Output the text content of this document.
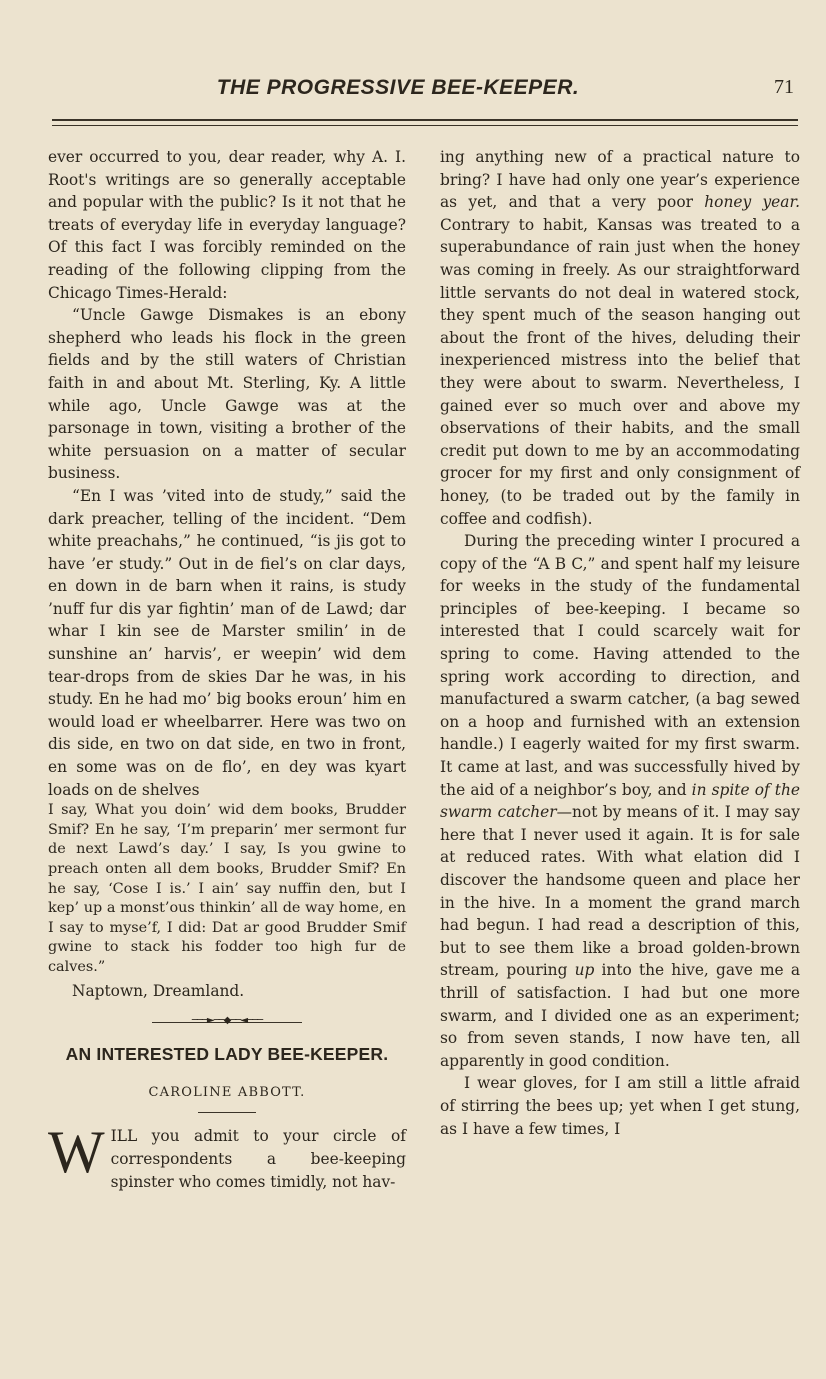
THE PROGRESSIVE BEE-KEEPER.	71

ever occurred to you, dear reader, why A. I. Root's writings are so generally acceptable and popular with the public? Is it not that he treats of everyday life in everyday language? Of this fact I was forcibly reminded on the reading of the following clipping from the Chicago Times-Herald:

“Uncle Gawge Dismakes is an ebony shepherd who leads his flock in the green fields and by the still waters of Christian faith in and about Mt. Sterling, Ky. A little while ago, Uncle Gawge was at the parsonage in town, visiting a brother of the white persuasion on a matter of secular business.

“En I was ’vited into de study,” said the dark preacher, telling of the incident. “Dem white preachahs,” he continued, “is jis got to have ’er study.” Out in de fiel’s on clar days, en down in de barn when it rains, is study ’nuff fur dis yar fightin’ man of de Lawd; dar whar I kin see de Marster smilin’ in de sunshine an’ harvis’, er weepin’ wid dem tear-drops from de skies Dar he was, in his study. En he had mo’ big books eroun’ him en would load er wheelbarrer. Here was two on dis side, en two on dat side, en two in front, en some was on de flo’, en dey was kyart loads on de shelves

I say, What you doin’ wid dem books, Brudder Smif? En he say, ‘I’m preparin’ mer sermont fur de next Lawd’s day.’ I say, Is you gwine to preach onten all dem books, Brudder Smif? En he say, ‘Cose I is.’ I ain’ say nuffin den, but I kep’ up a monst’ous thinkin’ all de way home, en I say to myse’f, I did: Dat ar good Brudder Smif gwine to stack his fodder too high fur de calves.”

Naptown, Dreamland.

───►──◆──◄───
AN INTERESTED LADY BEE-KEEPER.
CAROLINE ABBOTT.

WILL you admit to your circle of correspondents a bee-keeping spinster who comes timidly, not hav-

ing anything new of a practical nature to bring? I have had only one year’s experience as yet, and that a very poor honey year. Contrary to habit, Kansas was treated to a superabundance of rain just when the honey was coming in freely. As our straightforward little servants do not deal in watered stock, they spent much of the season hanging out about the front of the hives, deluding their inexperienced mistress into the belief that they were about to swarm. Nevertheless, I gained ever so much over and above my observations of their habits, and the small credit put down to me by an accommodating grocer for my first and only consignment of honey, (to be traded out by the family in coffee and codfish).

During the preceding winter I procured a copy of the “A B C,” and spent half my leisure for weeks in the study of the fundamental principles of bee-keeping. I became so interested that I could scarcely wait for spring to come. Having attended to the spring work according to direction, and manufactured a swarm catcher, (a bag sewed on a hoop and furnished with an extension handle.) I eagerly waited for my first swarm. It came at last, and was successfully hived by the aid of a neighbor’s boy, and in spite of the swarm catcher—not by means of it. I may say here that I never used it again. It is for sale at reduced rates. With what elation did I discover the handsome queen and place her in the hive. In a moment the grand march had begun. I had read a description of this, but to see them like a broad golden-brown stream, pouring up into the hive, gave me a thrill of satisfaction. I had but one more swarm, and I divided one as an experiment; so from seven stands, I now have ten, all apparently in good condition.

I wear gloves, for I am still a little afraid of stirring the bees up; yet when I get stung, as I have a few times, I
